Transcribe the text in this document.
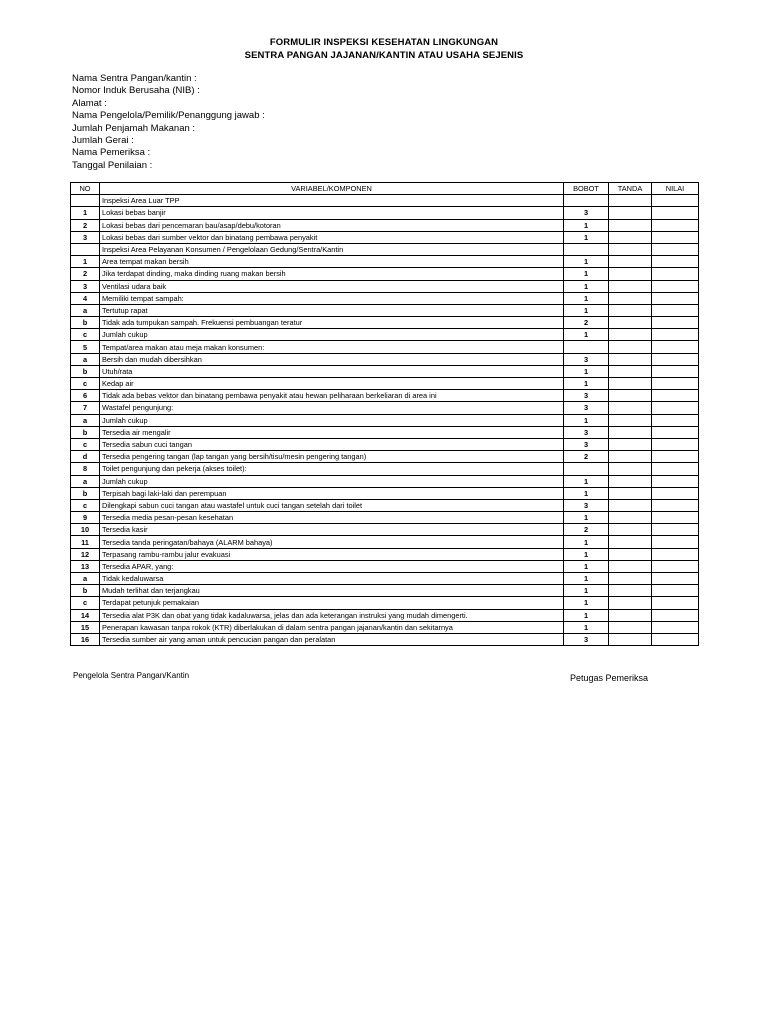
FORMULIR INSPEKSI KESEHATAN LINGKUNGAN
SENTRA PANGAN JAJANAN/KANTIN ATAU USAHA SEJENIS
Nama Sentra Pangan/kantin :
Nomor Induk Berusaha (NIB) :
Alamat :
Nama Pengelola/Pemilik/Penanggung jawab :
Jumlah Penjamah Makanan :
Jumlah Gerai :
Nama Pemeriksa :
Tanggal Penilaian :
NO	VARIABEL/KOMPONEN	BOBOT	TANDA	NILAI
	Inspeksi Area Luar TPP			
1	Lokasi bebas banjir	3		
2	Lokasi bebas dari pencemaran bau/asap/debu/kotoran	1		
3	Lokasi bebas dari sumber vektor dan binatang pembawa penyakit	1		
	Inspeksi Area Pelayanan Konsumen / Pengelolaan Gedung/Sentra/Kantin			
1	Area tempat makan bersih	1		
2	Jika terdapat dinding, maka dinding ruang makan bersih	1		
3	Ventilasi udara baik	1		
4	Memiliki tempat sampah:	1		
a	Tertutup rapat	1		
b	Tidak ada tumpukan sampah. Frekuensi pembuangan teratur	2		
c	Jumlah cukup	1		
5	Tempat/area makan atau meja makan konsumen:			
a	Bersih dan mudah dibersihkan	3		
b	Utuh/rata	1		
c	Kedap air	1		
6	Tidak ada bebas vektor dan binatang pembawa penyakit atau hewan peliharaan berkeliaran di area ini	3		
7	Wastafel pengunjung:	3		
a	Jumlah cukup	1		
b	Tersedia air mengalir	3		
c	Tersedia sabun cuci tangan	3		
d	Tersedia pengering tangan (lap tangan yang bersih/tisu/mesin pengering tangan)	2		
8	Toilet pengunjung dan pekerja (akses toilet):			
a	Jumlah cukup	1		
b	Terpisah bagi laki-laki dan perempuan	1		
c	Dilengkapi sabun cuci tangan atau wastafel untuk cuci tangan setelah dari toilet	3		
9	Tersedia media pesan-pesan kesehatan	1		
10	Tersedia kasir	2		
11	Tersedia tanda peringatan/bahaya (ALARM bahaya)	1		
12	Terpasang rambu-rambu jalur evakuasi	1		
13	Tersedia APAR, yang:	1		
a	Tidak kedaluwarsa	1		
b	Mudah terlihat dan terjangkau	1		
c	Terdapat petunjuk pemakaian	1		
14	Tersedia alat P3K dan obat yang tidak kadaluwarsa, jelas dan ada keterangan instruksi yang mudah dimengerti.	1		
15	Penerapan kawasan tanpa rokok (KTR) diberlakukan di dalam sentra pangan jajanan/kantin dan sekitarnya	1		
16	Tersedia sumber air yang aman untuk pencucian pangan dan peralatan	3		
Pengelola Sentra Pangan/Kantin	Petugas Pemeriksa
